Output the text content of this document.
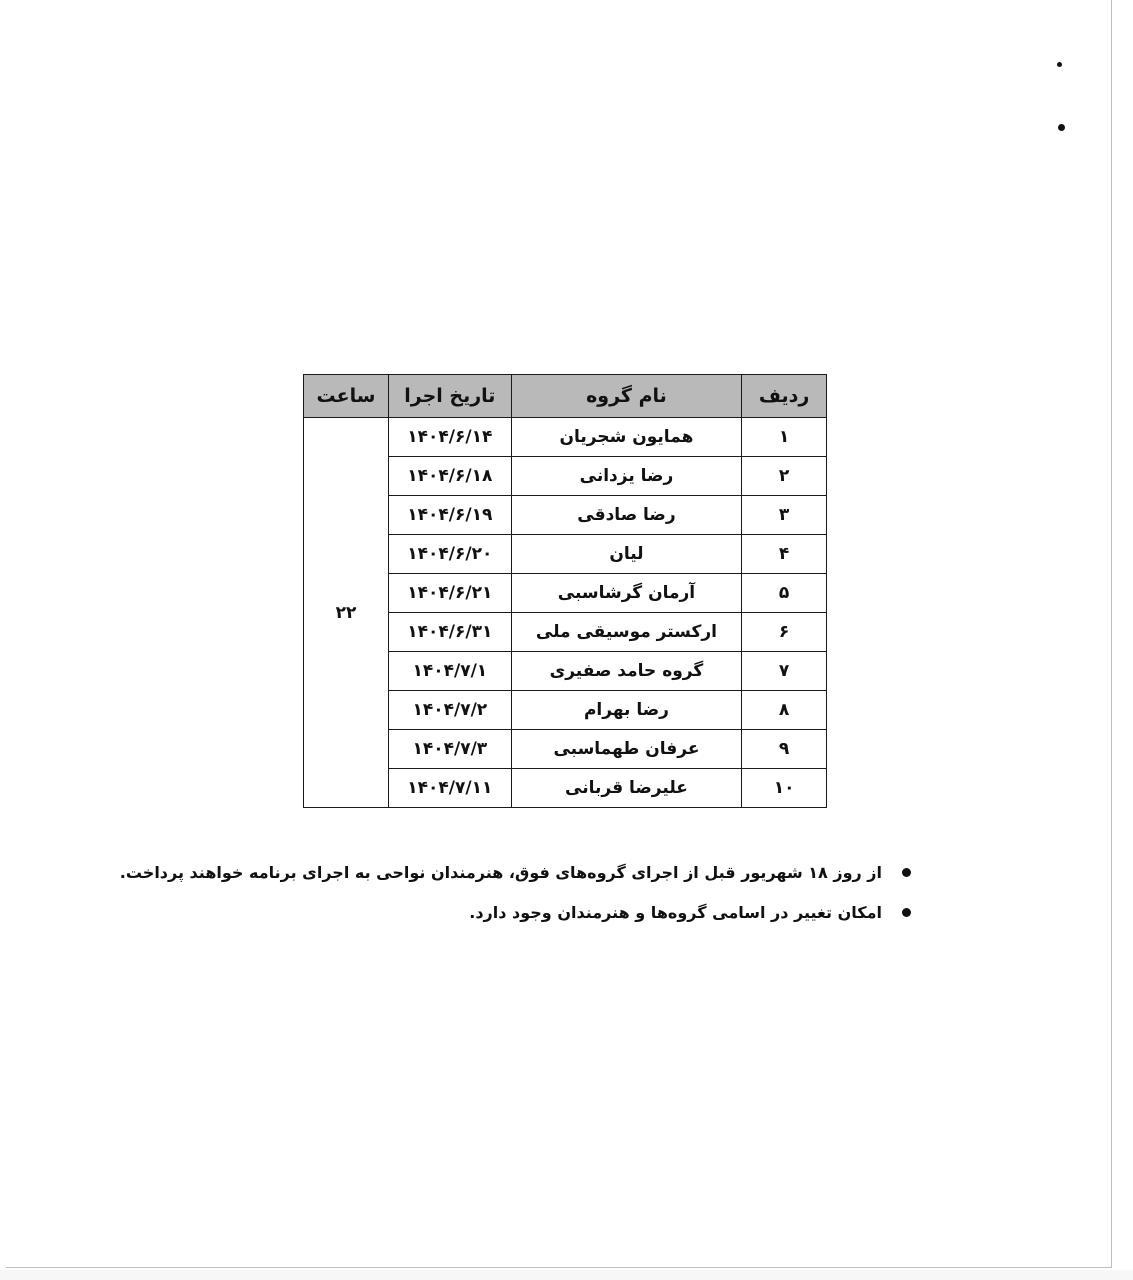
ردیف	نام گروه	تاریخ اجرا	ساعت
۱	همایون شجریان	۱۴۰۴/۶/۱۴	۲۲
۲	رضا یزدانی	۱۴۰۴/۶/۱۸	
۳	رضا صادقی	۱۴۰۴/۶/۱۹	
۴	لیان	۱۴۰۴/۶/۲۰	
۵	آرمان گرشاسبی	۱۴۰۴/۶/۲۱	
۶	ارکستر موسیقی ملی	۱۴۰۴/۶/۳۱	
۷	گروه حامد صفیری	۱۴۰۴/۷/۱	
۸	رضا بهرام	۱۴۰۴/۷/۲	
۹	عرفان طهماسبی	۱۴۰۴/۷/۳	
۱۰	علیرضا قربانی	۱۴۰۴/۷/۱۱	
از روز ۱۸ شهریور قبل از اجرای گروه‌های فوق، هنرمندان نواحی به اجرای برنامه خواهند پرداخت.
امکان تغییر در اسامی گروه‌ها و هنرمندان وجود دارد.
